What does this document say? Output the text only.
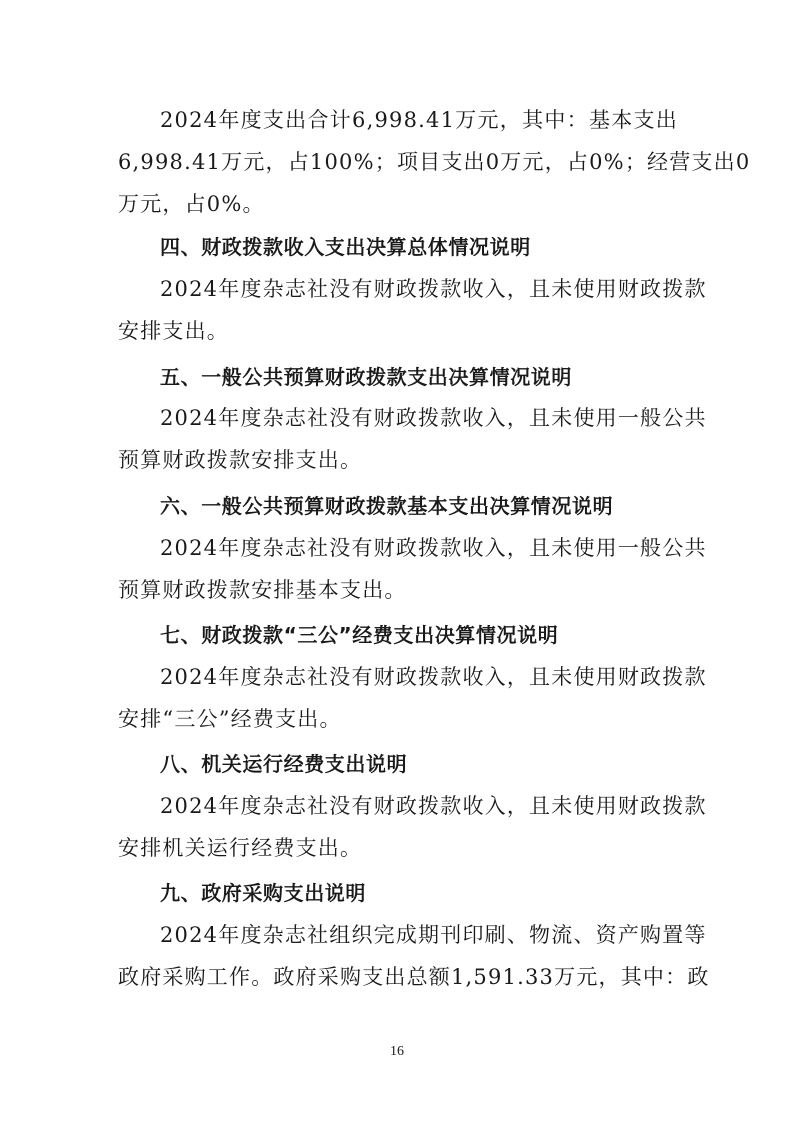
2024年度支出合计6,998.41万元，其中：基本支出
6,998.41万元，占100%；项目支出0万元，占0%；经营支出0
万元，占0%。
四、财政拨款收入支出决算总体情况说明
2024年度杂志社没有财政拨款收入，且未使用财政拨款
安排支出。
五、一般公共预算财政拨款支出决算情况说明
2024年度杂志社没有财政拨款收入，且未使用一般公共
预算财政拨款安排支出。
六、一般公共预算财政拨款基本支出决算情况说明
2024年度杂志社没有财政拨款收入，且未使用一般公共
预算财政拨款安排基本支出。
七、财政拨款“三公”经费支出决算情况说明
2024年度杂志社没有财政拨款收入，且未使用财政拨款
安排“三公”经费支出。
八、机关运行经费支出说明
2024年度杂志社没有财政拨款收入，且未使用财政拨款
安排机关运行经费支出。
九、政府采购支出说明
2024年度杂志社组织完成期刊印刷、物流、资产购置等
政府采购工作。政府采购支出总额1,591.33万元，其中：政
16
